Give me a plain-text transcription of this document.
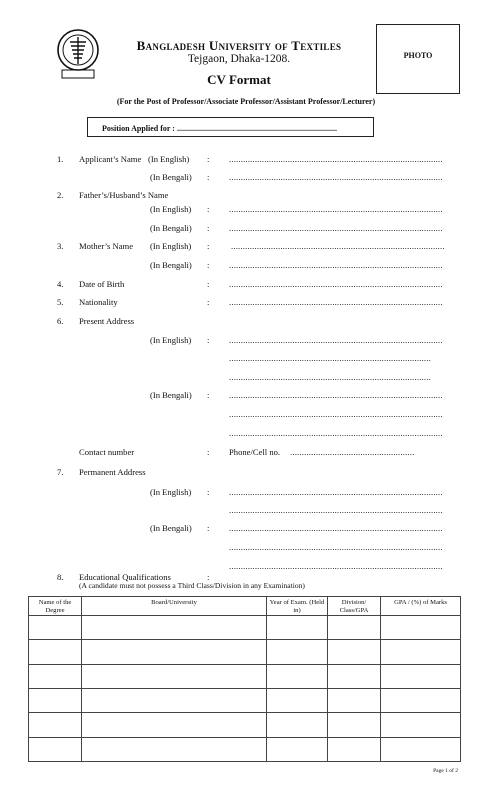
Bangladesh University of Textiles
Tejgaon, Dhaka-1208.
CV Format
PHOTO
(For the Post of Professor/Associate Professor/Assistant Professor/Lecturer)
Position Applied for : ................................................................................
1. Applicant’s Name (In English) : ...........................................................................................
(In Bengali) : ...........................................................................................
2. Father’s/Husband’s Name
(In English) : ...........................................................................................
(In Bengali) : ...........................................................................................
3. Mother’s Name (In English) :	...........................................................................................
(In Bengali) : ...........................................................................................
4. Date of Birth	: ...........................................................................................
5. Nationality	: ...........................................................................................
6. Present Address
(In English) : ...........................................................................................
......................................................................................
......................................................................................
(In Bengali) : ...........................................................................................
...........................................................................................
...........................................................................................
Contact number	: Phone/Cell no. .....................................................
7. Permanent Address
(In English) : ...........................................................................................
...........................................................................................
(In Bengali) : ...........................................................................................
...........................................................................................
...........................................................................................
8. Educational Qualifications	:
(A candidate must not possess a Third Class/Division in any Examination)
Name of the Degree	Board/University	Year of Exam. (Held in)	Division/ Class/GPA	GPA / (%) of Marks

Page 1 of 2
